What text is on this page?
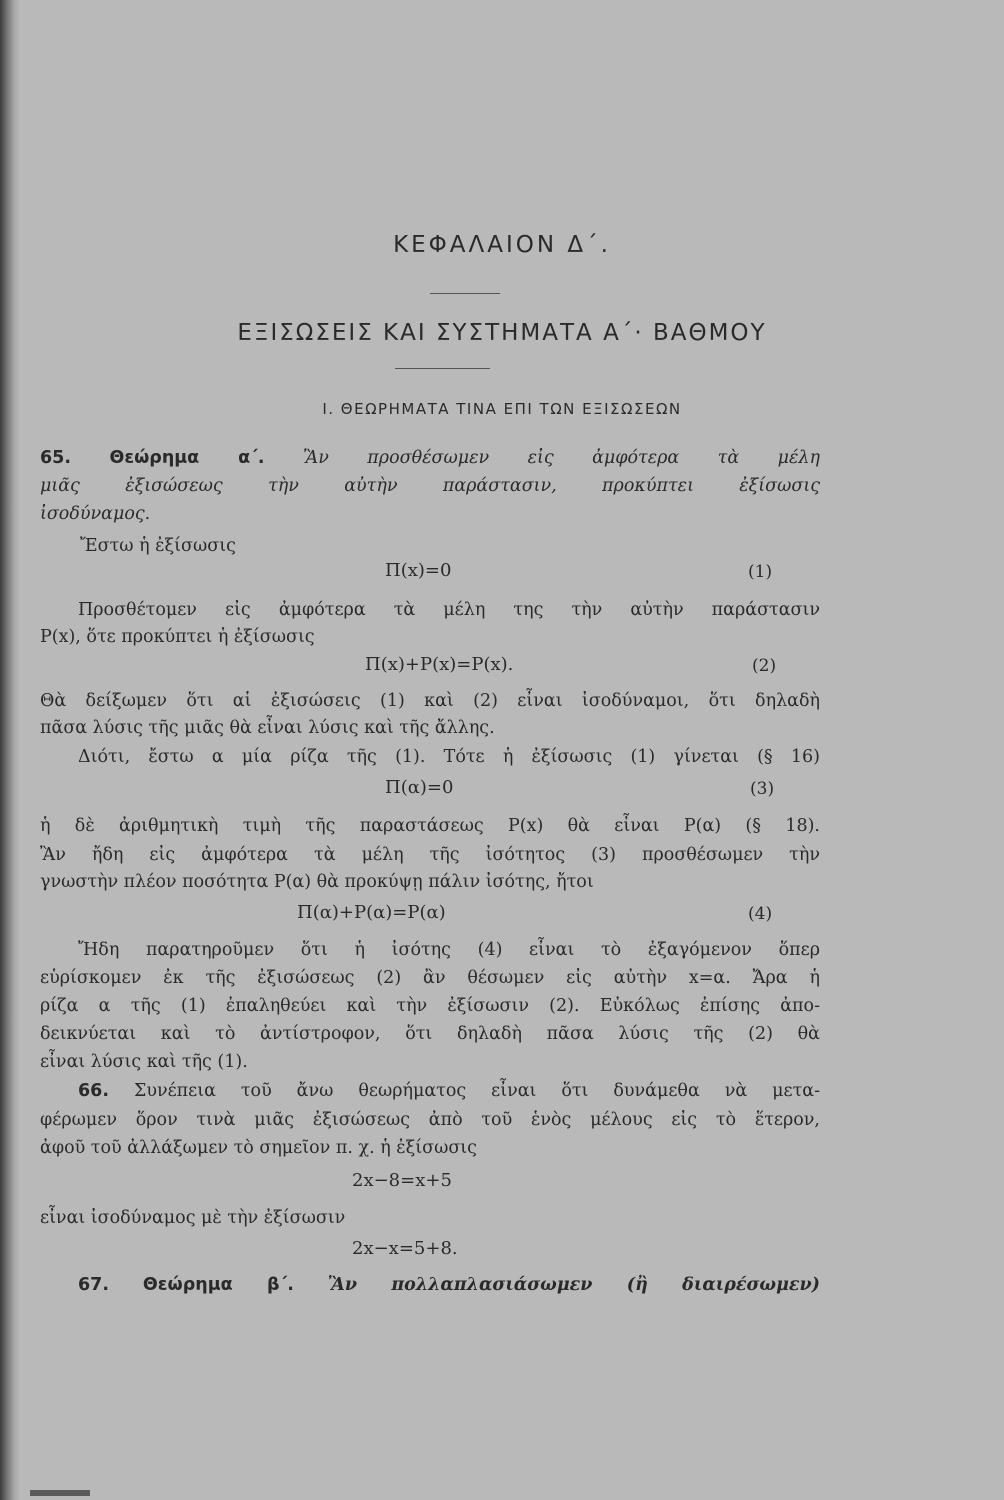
ΚΕΦΑΛΑΙΟΝ Δ΄.
ΕΞΙΣΩΣΕΙΣ ΚΑΙ ΣΥΣΤΗΜΑΤΑ Α΄· ΒΑΘΜΟΥ
Ι. ΘΕΩΡΗΜΑΤΑ ΤΙΝΑ ΕΠΙ ΤΩΝ ΕΞΙΣΩΣΕΩΝ
65. Θεώρημα α΄. Ἂν προσθέσωμεν εἰς ἀμφότερα τὰ μέλη
μιᾶς ἐξισώσεως τὴν αὐτὴν παράστασιν, προκύπτει ἐξίσωσις
ἰσοδύναμος.
Ἔστω ἡ ἐξίσωσις
Π(x)=0	(1)
Προσθέτομεν εἰς ἀμφότερα τὰ μέλη της τὴν αὐτὴν παράστασιν
P(x), ὅτε προκύπτει ἡ ἐξίσωσις
Π(x)+P(x)=P(x).	(2)
Θὰ δείξωμεν ὅτι αἱ ἐξισώσεις (1) καὶ (2) εἶναι ἰσοδύναμοι, ὅτι δηλαδὴ
πᾶσα λύσις τῆς μιᾶς θὰ εἶναι λύσις καὶ τῆς ἄλλης.
Διότι, ἔστω α μία ρίζα τῆς (1). Τότε ἡ ἐξίσωσις (1) γίνεται (§ 16)
Π(α)=0	(3)
ἡ δὲ ἀριθμητικὴ τιμὴ τῆς παραστάσεως P(x) θὰ εἶναι P(α) (§ 18).
Ἂν ἤδη εἰς ἀμφότερα τὰ μέλη τῆς ἰσότητος (3) προσθέσωμεν τὴν
γνωστὴν πλέον ποσότητα P(α) θὰ προκύψῃ πάλιν ἰσότης, ἤτοι
Π(α)+P(α)=P(α)	(4)
Ἤδη παρατηροῦμεν ὅτι ἡ ἰσότης (4) εἶναι τὸ ἐξαγόμενον ὅπερ
εὑρίσκομεν ἐκ τῆς ἐξισώσεως (2) ἂν θέσωμεν εἰς αὐτὴν x=α. Ἄρα ἡ
ρίζα α τῆς (1) ἐπαληθεύει καὶ τὴν ἐξίσωσιν (2). Εὐκόλως ἐπίσης ἀπο-
δεικνύεται καὶ τὸ ἀντίστροφον, ὅτι δηλαδὴ πᾶσα λύσις τῆς (2) θὰ
εἶναι λύσις καὶ τῆς (1).
66. Συνέπεια τοῦ ἄνω θεωρήματος εἶναι ὅτι δυνάμεθα νὰ μετα-
φέρωμεν ὅρον τινὰ μιᾶς ἐξισώσεως ἀπὸ τοῦ ἑνὸς μέλους εἰς τὸ ἕτερον,
ἀφοῦ τοῦ ἀλλάξωμεν τὸ σημεῖον π. χ. ἡ ἐξίσωσις
2x−8=x+5
εἶναι ἰσοδύναμος μὲ τὴν ἐξίσωσιν
2x−x=5+8.
67. Θεώρημα β΄. Ἂν πολλαπλασιάσωμεν (ἢ διαιρέσωμεν)
